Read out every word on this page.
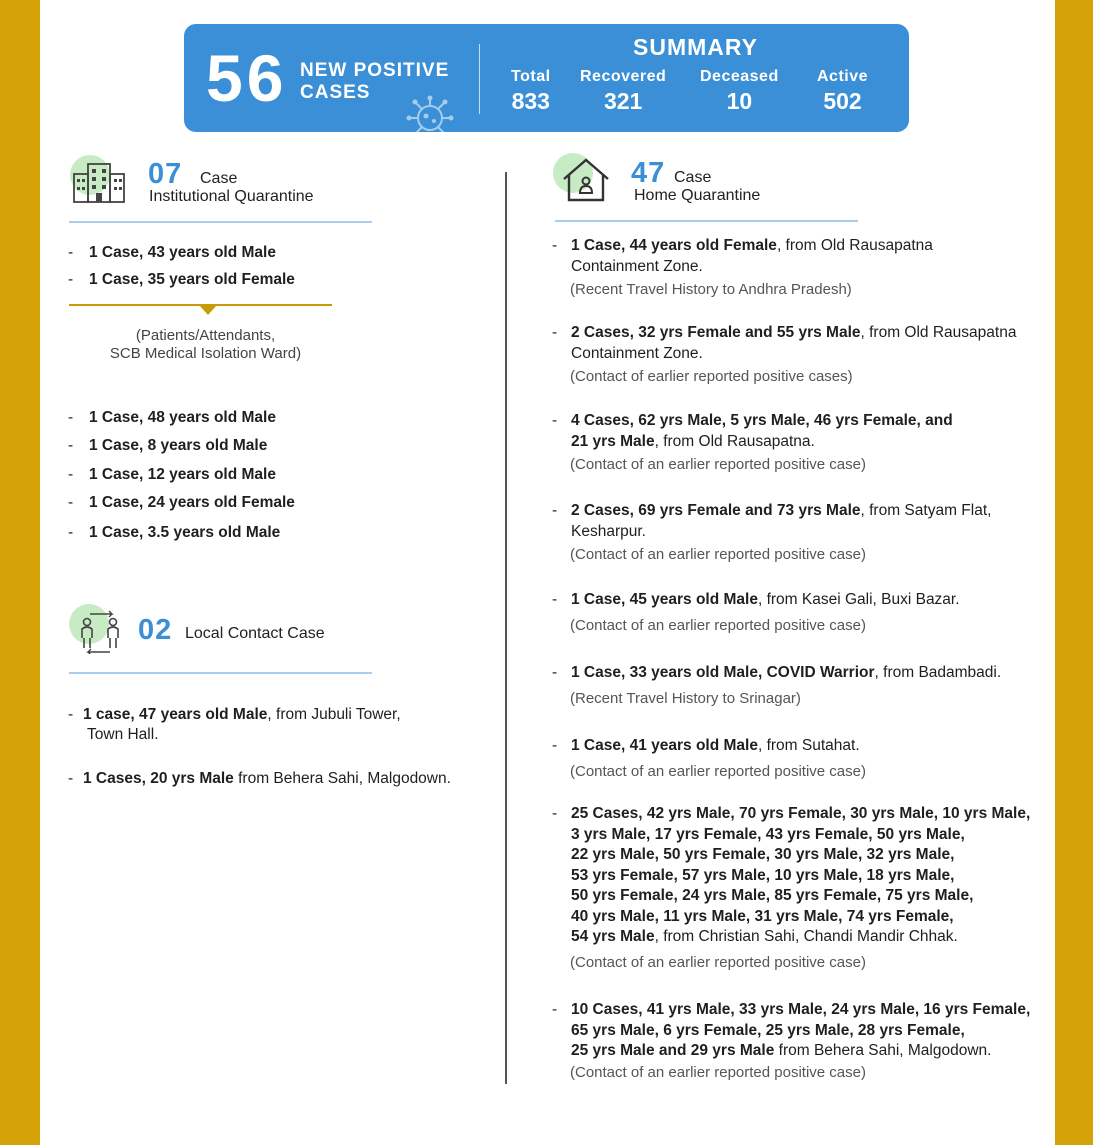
56 NEW POSITIVE
CASES
SUMMARY
Total
833
Recovered
321
Deceased
10
Active
502
07 Case
Institutional Quarantine
- 1 Case, 43 years old Male
- 1 Case, 35 years old Female
(Patients/Attendants,
SCB Medical Isolation Ward)
- 1 Case, 48 years old Male
- 1 Case, 8 years old Male
- 1 Case, 12 years old Male
- 1 Case, 24 years old Female
- 1 Case, 3.5 years old Male
02 Local Contact Case
- 1 case, 47 years old Male, from Jubuli Tower,
Town Hall.
- 1 Cases, 20 yrs Male from Behera Sahi, Malgodown.
47 Case
Home Quarantine
- 1 Case, 44 years old Female, from Old Rausapatna
Containment Zone.
(Recent Travel History to Andhra Pradesh)
- 2 Cases, 32 yrs Female and 55 yrs Male, from Old Rausapatna
Containment Zone.
(Contact of earlier reported positive cases)
- 4 Cases, 62 yrs Male, 5 yrs Male, 46 yrs Female, and
21 yrs Male, from Old Rausapatna.
(Contact of an earlier reported positive case)
- 2 Cases, 69 yrs Female and 73 yrs Male, from Satyam Flat,
Kesharpur.
(Contact of an earlier reported positive case)
- 1 Case, 45 years old Male, from Kasei Gali, Buxi Bazar.
(Contact of an earlier reported positive case)
- 1 Case, 33 years old Male, COVID Warrior, from Badambadi.
(Recent Travel History to Srinagar)
- 1 Case, 41 years old Male, from Sutahat.
(Contact of an earlier reported positive case)
- 25 Cases, 42 yrs Male, 70 yrs Female, 30 yrs Male, 10 yrs Male,
3 yrs Male, 17 yrs Female, 43 yrs Female, 50 yrs Male,
22 yrs Male, 50 yrs Female, 30 yrs Male, 32 yrs Male,
53 yrs Female, 57 yrs Male, 10 yrs Male, 18 yrs Male,
50 yrs Female, 24 yrs Male, 85 yrs Female, 75 yrs Male,
40 yrs Male, 11 yrs Male, 31 yrs Male, 74 yrs Female,
54 yrs Male, from Christian Sahi, Chandi Mandir Chhak.
(Contact of an earlier reported positive case)
- 10 Cases, 41 yrs Male, 33 yrs Male, 24 yrs Male, 16 yrs Female,
65 yrs Male, 6 yrs Female, 25 yrs Male, 28 yrs Female,
25 yrs Male and 29 yrs Male from Behera Sahi, Malgodown.
(Contact of an earlier reported positive case)
